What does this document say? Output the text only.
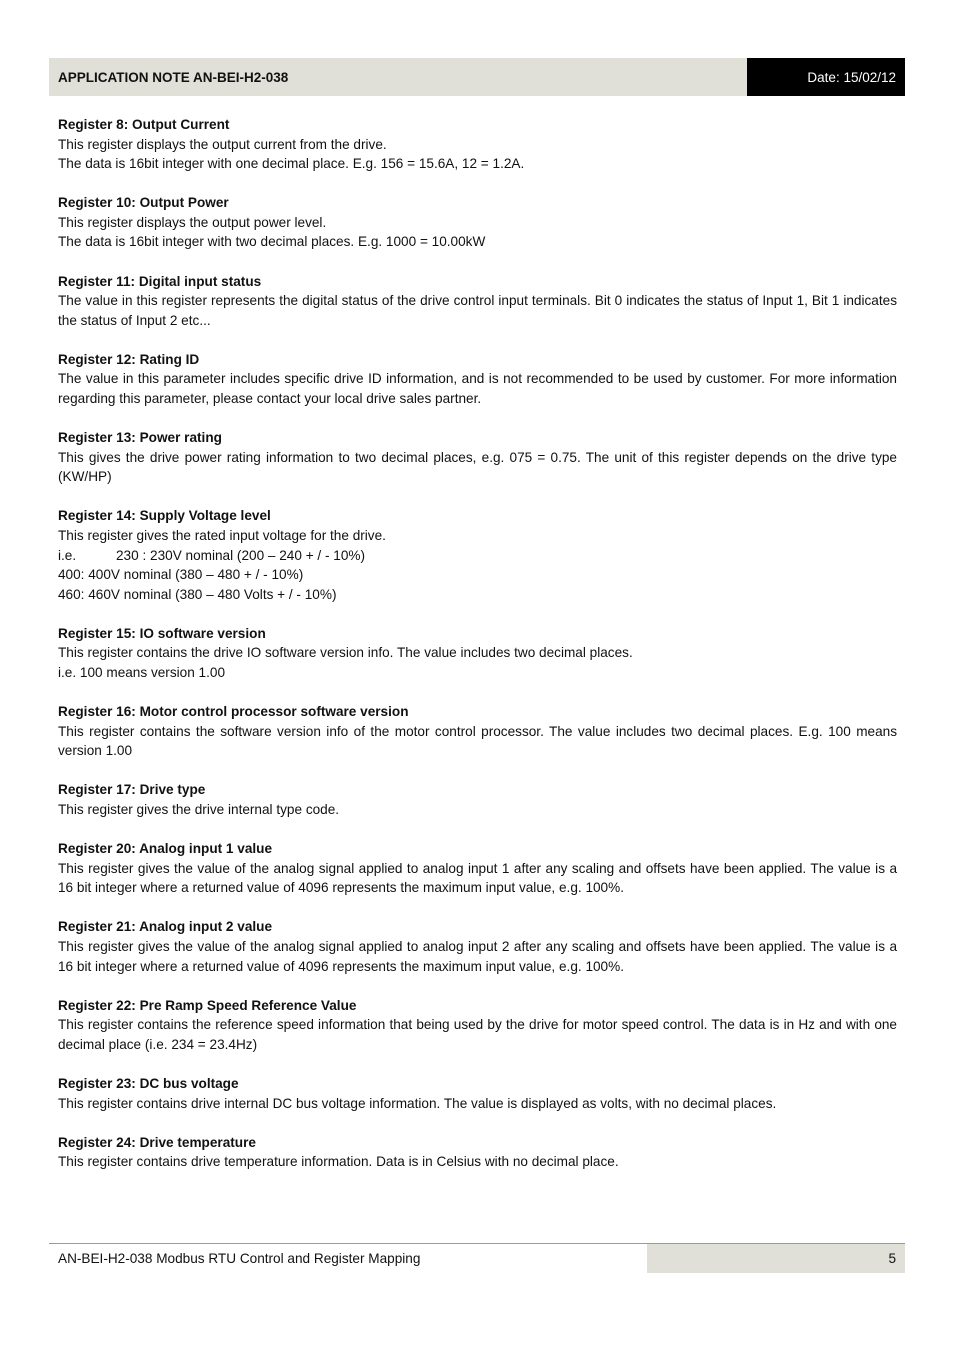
APPLICATION NOTE AN-BEI-H2-038	Date: 15/02/12
Register 8: Output Current
This register displays the output current from the drive.
The data is 16bit integer with one decimal place. E.g. 156 = 15.6A, 12 = 1.2A.
Register 10: Output Power
This register displays the output power level.
The data is 16bit integer with two decimal places. E.g. 1000 = 10.00kW
Register 11: Digital input status
The value in this register represents the digital status of the drive control input terminals. Bit 0 indicates the status of Input 1, Bit 1 indicates the status of Input 2 etc...
Register 12: Rating ID
The value in this parameter includes specific drive ID information, and is not recommended to be used by customer. For more information regarding this parameter, please contact your local drive sales partner.
Register 13: Power rating
This gives the drive power rating information to two decimal places, e.g. 075 = 0.75. The unit of this register depends on the drive type (KW/HP)
Register 14: Supply Voltage level
This register gives the rated input voltage for the drive.
i.e.	230 : 230V nominal (200 – 240 + / - 10%)
400: 400V nominal (380 – 480 + / - 10%)
460: 460V nominal (380 – 480 Volts + / - 10%)
Register 15: IO software version
This register contains the drive IO software version info. The value includes two decimal places.
i.e. 100 means version 1.00
Register 16: Motor control processor software version
This register contains the software version info of the motor control processor. The value includes two decimal places. E.g. 100 means version 1.00
Register 17: Drive type
This register gives the drive internal type code.
Register 20: Analog input 1 value
This register gives the value of the analog signal applied to analog input 1 after any scaling and offsets have been applied. The value is a 16 bit integer where a returned value of 4096 represents the maximum input value, e.g. 100%.
Register 21: Analog input 2 value
This register gives the value of the analog signal applied to analog input 2 after any scaling and offsets have been applied. The value is a 16 bit integer where a returned value of 4096 represents the maximum input value, e.g. 100%.
Register 22: Pre Ramp Speed Reference Value
This register contains the reference speed information that being used by the drive for motor speed control. The data is in Hz and with one decimal place (i.e. 234 = 23.4Hz)
Register 23: DC bus voltage
This register contains drive internal DC bus voltage information. The value is displayed as volts, with no decimal places.
Register 24: Drive temperature
This register contains drive temperature information. Data is in Celsius with no decimal place.
AN-BEI-H2-038 Modbus RTU Control and Register Mapping	5
